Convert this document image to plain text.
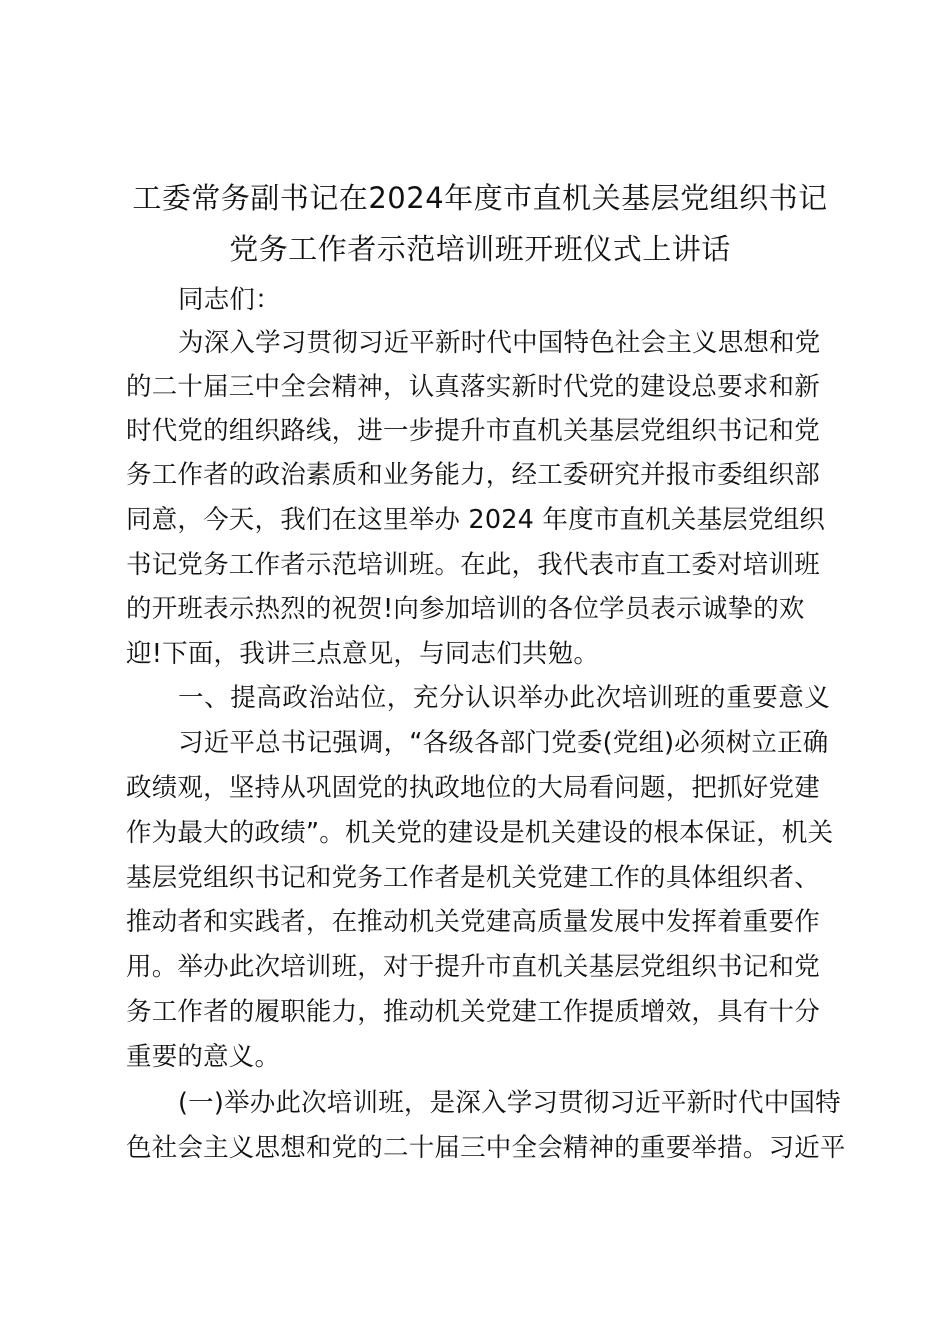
工委常务副书记在2024年度市直机关基层党组织书记
党务工作者示范培训班开班仪式上讲话

同志们：

为深入学习贯彻习近平新时代中国特色社会主义思想和党

的二十届三中全会精神，认真落实新时代党的建设总要求和新

时代党的组织路线，进一步提升市直机关基层党组织书记和党

务工作者的政治素质和业务能力，经工委研究并报市委组织部

同意，今天，我们在这里举办 2024 年度市直机关基层党组织

书记党务工作者示范培训班。在此，我代表市直工委对培训班

的开班表示热烈的祝贺!向参加培训的各位学员表示诚挚的欢

迎!下面，我讲三点意见，与同志们共勉。

一、提高政治站位，充分认识举办此次培训班的重要意义

习近平总书记强调，“各级各部门党委(党组)必须树立正确

政绩观，坚持从巩固党的执政地位的大局看问题，把抓好党建

作为最大的政绩”。机关党的建设是机关建设的根本保证，机关

基层党组织书记和党务工作者是机关党建工作的具体组织者、

推动者和实践者，在推动机关党建高质量发展中发挥着重要作

用。举办此次培训班，对于提升市直机关基层党组织书记和党

务工作者的履职能力，推动机关党建工作提质增效，具有十分

重要的意义。

(一)举办此次培训班，是深入学习贯彻习近平新时代中国特

色社会主义思想和党的二十届三中全会精神的重要举措。习近平
